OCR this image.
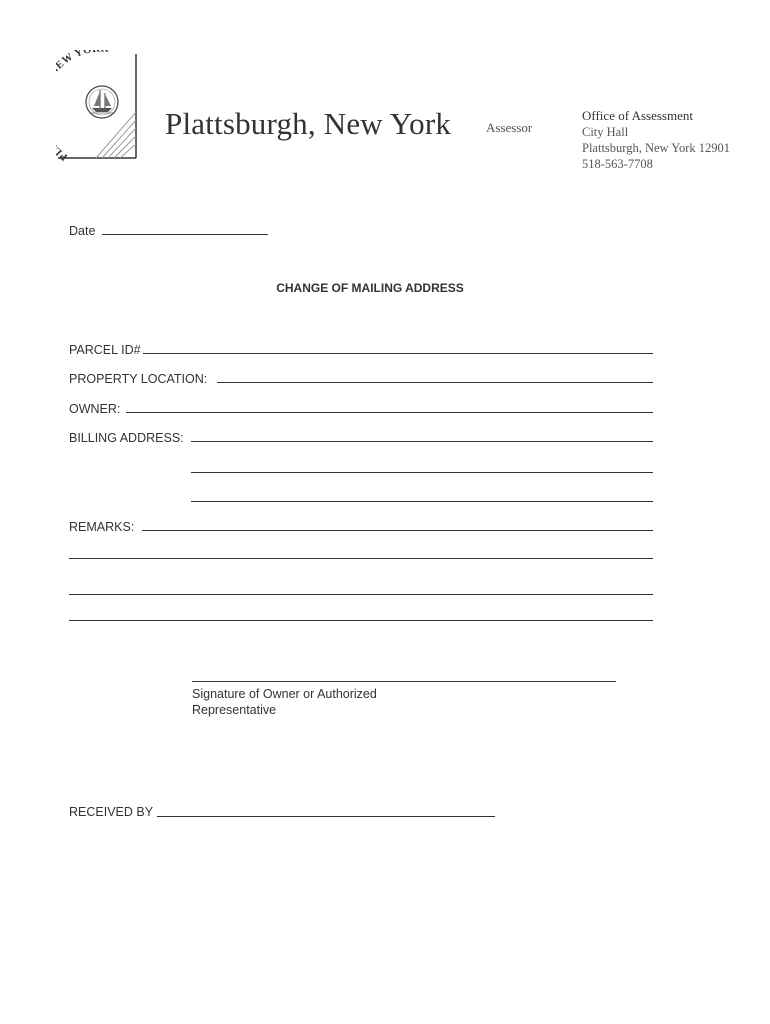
P W YO
Plattsburgh, New York	Assessor
Office of Assessment
City Hall
Plattsburgh, New York 12901
518-563-7708
Date
CHANGE OF MAILING ADDRESS
PARCEL ID#
PROPERTY LOCATION:
OWNER:
BILLING ADDRESS:
REMARKS:
Signature of Owner or Authorized
Representative
RECEIVED BY
